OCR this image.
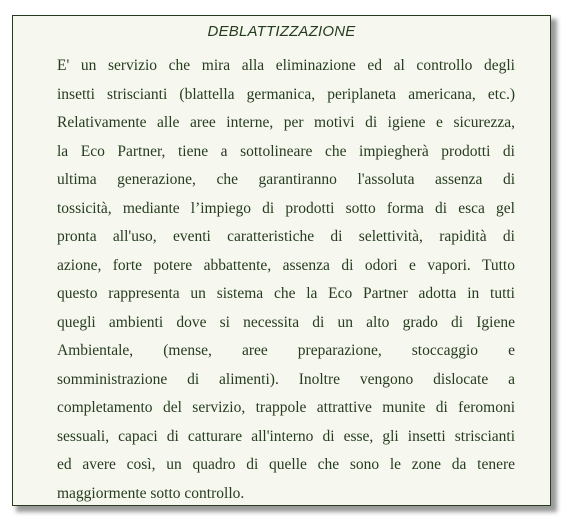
DEBLATTIZZAZIONE
E' un servizio che mira alla eliminazione ed al controllo degli
insetti striscianti (blattella germanica, periplaneta americana, etc.)
Relativamente alle aree interne, per motivi di igiene e sicurezza,
la Eco Partner, tiene a sottolineare che impiegherà prodotti di
ultima generazione, che garantiranno l'assoluta assenza di
tossicità, mediante l’impiego di prodotti sotto forma di esca gel
pronta all'uso, eventi caratteristiche di selettività, rapidità di
azione, forte potere abbattente, assenza di odori e vapori. Tutto
questo rappresenta un sistema che la Eco Partner adotta in tutti
quegli ambienti dove si necessita di un alto grado di Igiene
Ambientale, (mense, aree preparazione, stoccaggio e
somministrazione di alimenti). Inoltre vengono dislocate a
completamento del servizio, trappole attrattive munite di feromoni
sessuali, capaci di catturare all'interno di esse, gli insetti striscianti
ed avere così, un quadro di quelle che sono le zone da tenere
maggiormente sotto controllo.
